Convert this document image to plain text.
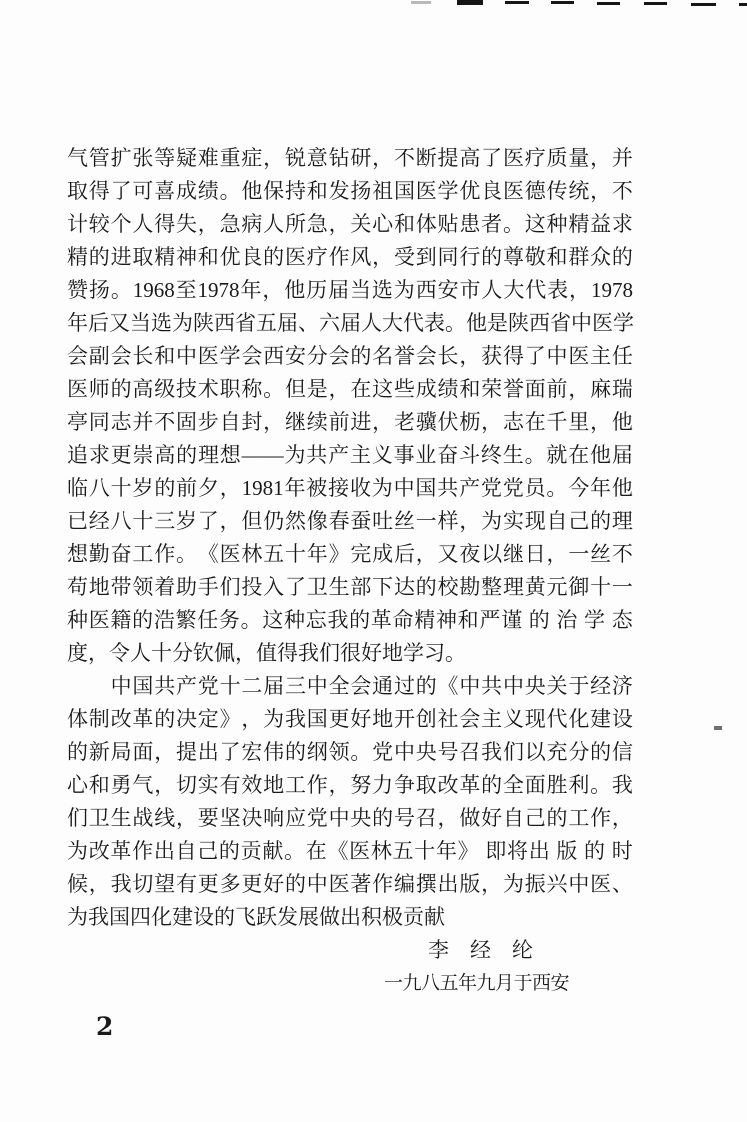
气 管 扩 张 等 疑 难 重 症 ， 锐 意 钻 研 ， 不 断 提 高 了 医 疗 质 量 ， 并
取 得 了 可 喜 成 绩 。 他 保 持 和 发 扬 祖 国 医 学 优 良 医 德 传 统 ， 不
计 较 个 人 得 失 ， 急 病 人 所 急 ， 关 心 和 体 贴 患 者 。 这 种 精 益 求
精 的 进 取 精 神 和 优 良 的 医 疗 作 风 ， 受 到 同 行 的 尊 敬 和 群 众 的
赞 扬 。 1968 至 1978 年 ， 他 历 届 当 选 为 西 安 市 人 大 代 表 ， 1978
年 后 又 当 选 为 陕 西 省 五 届 、 六 届 人 大 代 表 。 他 是 陕 西 省 中 医 学
会 副 会 长 和 中 医 学 会 西 安 分 会 的 名 誉 会 长 ， 获 得 了 中 医 主 任
医 师 的 高 级 技 术 职 称 。 但 是 ， 在 这 些 成 绩 和 荣 誉 面 前 ， 麻 瑞
亭 同 志 并 不 固 步 自 封 ， 继 续 前 进 ， 老 骥 伏 枥 ， 志 在 千 里 ， 他
追 求 更 崇 高 的 理 想 —— 为 共 产 主 义 事 业 奋 斗 终 生 。 就 在 他 届
临 八 十 岁 的 前 夕 ， 1981 年 被 接 收 为 中 国 共 产 党 党 员 。 今 年 他
已 经 八 十 三 岁 了 ， 但 仍 然 像 春 蚕 吐 丝 一 样 ， 为 实 现 自 己 的 理
想 勤 奋 工 作 。 《 医 林 五 十 年 》 完 成 后 ， 又 夜 以 继 日 ， 一 丝 不
苟 地 带 领 着 助 手 们 投 入 了 卫 生 部 下 达 的 校 勘 整 理 黄 元 御 十 一
种 医 籍 的 浩 繁 任 务 。 这 种 忘 我 的 革 命 精 神 和 严 谨
的
治
学
态
度，令人十分钦佩，值得我们很好地学习。

中 国 共 产 党 十 二 届 三 中 全 会 通 过 的 《 中 共 中 央 关 于 经 济
体 制 改 革 的 决 定 》 ， 为 我 国 更 好 地 开 创 社 会 主 义 现 代 化 建 设
的 新 局 面 ， 提 出 了 宏 伟 的 纲 领 。 党 中 央 号 召 我 们 以 充 分 的 信
心 和 勇 气 ， 切 实 有 效 地 工 作 ， 努 力 争 取 改 革 的 全 面 胜 利 。 我
们 卫 生 战 线 ， 要 坚 决 响 应 党 中 央 的 号 召 ， 做 好 自 己 的 工 作 ，
为 改 革 作 出 自 己 的 贡 献 。 在 《 医 林 五 十 年 》
即 将 出
版
的
时
候 ， 我 切 望 有 更 多 更 好 的 中 医 著 作 编 撰 出 版 ， 为 振 兴 中 医 、
为我国四化建设的飞跃发展做出积极贡献
李　经　纶
一九八五年九月于西安
2
